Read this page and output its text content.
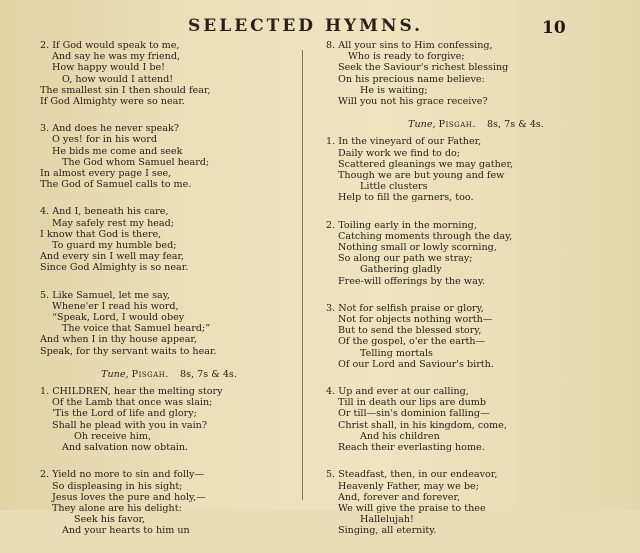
SELECTED HYMNS.	10
2. If God would speak to me,
And say he was my friend,
How happy would I be!
O, how would I attend!
The smallest sin I then should fear,
If God Almighty were so near.
3. And does he never speak?
O yes! for in his word
He bids me come and seek
The God whom Samuel heard;
In almost every page I see,
The God of Samuel calls to me.
4. And I, beneath his care,
May safely rest my head;
I know that God is there,
To guard my humble bed;
And every sin I well may fear,
Since God Almighty is so near.
5. Like Samuel, let me say,
Whene'er I read his word,
“Speak, Lord, I would obey
The voice that Samuel heard;”
And when I in thy house appear,
Speak, for thy servant waits to hear.
Tune, Pisgah. 8s, 7s & 4s.
1. CHILDREN, hear the melting story
Of the Lamb that once was slain;
'Tis the Lord of life and glory;
Shall he plead with you in vain?
Oh receive him,
And salvation now obtain.
2. Yield no more to sin and folly—
So displeasing in his sight;
Jesus loves the pure and holy,—
They alone are his delight:
Seek his favor,
And your hearts to him un
8. All your sins to Him confessing,
Who is ready to forgive;
Seek the Saviour's richest blessing
On his precious name believe:
He is waiting;
Will you not his grace receive?
Tune, Pisgah. 8s, 7s & 4s.
1. In the vineyard of our Father,
Daily work we find to do;
Scattered gleanings we may gather,
Though we are but young and few
Little clusters
Help to fill the garners, too.
2. Toiling early in the morning,
Catching moments through the day,
Nothing small or lowly scorning,
So along our path we stray;
Gathering gladly
Free-will offerings by the way.
3. Not for selfish praise or glory,
Not for objects nothing worth—
But to send the blessed story,
Of the gospel, o'er the earth—
Telling mortals
Of our Lord and Saviour's birth.
4. Up and ever at our calling,
Till in death our lips are dumb
Or till—sin's dominion falling—
Christ shall, in his kingdom, come,
And his children
Reach their everlasting home.
5. Steadfast, then, in our endeavor,
Heavenly Father, may we be;
And, forever and forever,
We will give the praise to thee
Hallelujah!
Singing, all eternity.
